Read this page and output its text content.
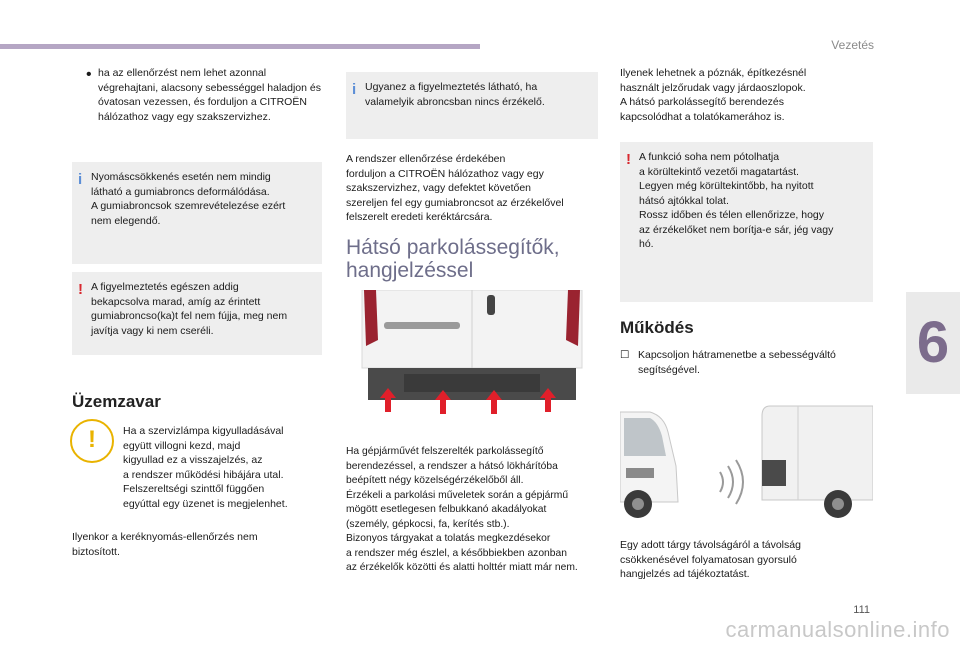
Vezetés
6
111
carmanualsonline.info
• ha az ellenőrzést nem lehet azonnal végrehajtani, alacsony sebességgel haladjon és óvatosan vezessen, és forduljon a CITROËN hálózathoz vagy egy szakszervizhez.

i Nyomáscsökkenés esetén nem mindig

látható a gumiabroncs deformálódása.

A gumiabroncsok szemrevételezése ezért

nem elegendő.

! A figyelmeztetés egészen addig

bekapcsolva marad, amíg az érintett

gumiabroncso(ka)t fel nem fújja, meg nem

javítja vagy ki nem cseréli.

Üzemzavar
!	Ha a szervizlámpa kigyulladásával

együtt villogni kezd, majd

kigyullad ez a visszajelzés, az

a rendszer működési hibájára utal.

Felszereltségi szinttől függően

egyúttal egy üzenet is megjelenhet.

Ilyenkor a keréknyomás-ellenőrzés nem

biztosított.

i Ugyanez a figyelmeztetés látható, ha

valamelyik abroncsban nincs érzékelő.

A rendszer ellenőrzése érdekében

forduljon a CITROËN hálózathoz vagy egy

szakszervizhez, vagy defektet követően

szereljen fel egy gumiabroncsot az érzékelővel

felszerelt eredeti keréktárcsára.

Hátsó parkolássegítők,
hangjelzéssel

Ha gépjárművét felszerelték parkolássegítő

berendezéssel, a rendszer a hátsó lökhárítóba

beépített négy közelségérzékelőből áll.

Érzékeli a parkolási műveletek során a gépjármű

mögött esetlegesen felbukkanó akadályokat

(személy, gépkocsi, fa, kerítés stb.).

Bizonyos tárgyakat a tolatás megkezdésekor

a rendszer még észlel, a későbbiekben azonban

az érzékelők közötti és alatti holttér miatt már nem.

Ilyenek lehetnek a póznák, építkezésnél

használt jelzőrudak vagy járdaoszlopok.

A hátsó parkolássegítő berendezés

kapcsolódhat a tolatókamerához is.

! A funkció soha nem pótolhatja

a körültekintő vezetői magatartást.

Legyen még körültekintőbb, ha nyitott

hátsó ajtókkal tolat.

Rossz időben és télen ellenőrizze, hogy

az érzékelőket nem borítja-e sár, jég vagy

hó.

Működés
☐ Kapcsoljon hátramenetbe a sebességváltó

segítségével.

Egy adott tárgy távolságáról a távolság

csökkenésével folyamatosan gyorsuló

hangjelzés ad tájékoztatást.
